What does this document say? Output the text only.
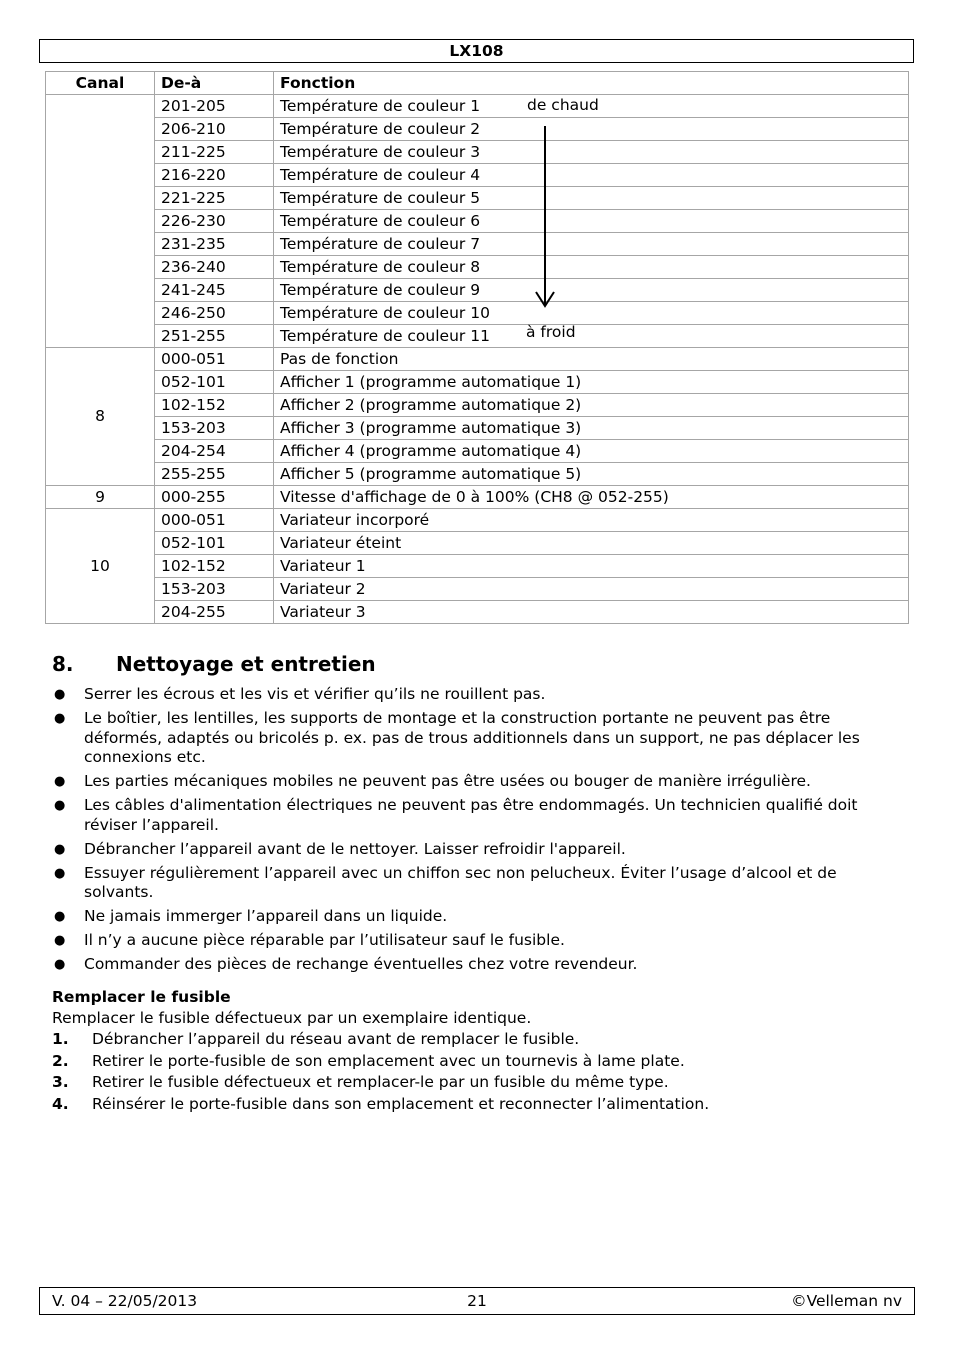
LX108
Canal	De-à	Fonction
	201-205	Température de couleur 1
	206-210	Température de couleur 2
	211-225	Température de couleur 3
	216-220	Température de couleur 4
	221-225	Température de couleur 5
	226-230	Température de couleur 6
	231-235	Température de couleur 7
	236-240	Température de couleur 8
	241-245	Température de couleur 9
	246-250	Température de couleur 10
	251-255	Température de couleur 11
8	000-051	Pas de fonction
	052-101	Afficher 1 (programme automatique 1)
	102-152	Afficher 2 (programme automatique 2)
	153-203	Afficher 3 (programme automatique 3)
	204-254	Afficher 4 (programme automatique 4)
	255-255	Afficher 5 (programme automatique 5)
9	000-255	Vitesse d'affichage de 0 à 100% (CH8 @ 052-255)
10	000-051	Variateur incorporé
	052-101	Variateur éteint
	102-152	Variateur 1
	153-203	Variateur 2
	204-255	Variateur 3
de chaud
à froid
8. Nettoyage et entretien
● Serrer les écrous et les vis et vérifier qu’ils ne rouillent pas.
● Le boîtier, les lentilles, les supports de montage et la construction portante ne peuvent pas être déformés, adaptés ou bricolés p. ex. pas de trous additionnels dans un support, ne pas déplacer les connexions etc.
● Les parties mécaniques mobiles ne peuvent pas être usées ou bouger de manière irrégulière.
● Les câbles d'alimentation électriques ne peuvent pas être endommagés. Un technicien qualifié doit réviser l’appareil.
● Débrancher l’appareil avant de le nettoyer. Laisser refroidir l'appareil.
● Essuyer régulièrement l’appareil avec un chiffon sec non pelucheux. Éviter l’usage d’alcool et de solvants.
● Ne jamais immerger l’appareil dans un liquide.
● Il n’y a aucune pièce réparable par l’utilisateur sauf le fusible.
● Commander des pièces de rechange éventuelles chez votre revendeur.
Remplacer le fusible
Remplacer le fusible défectueux par un exemplaire identique.
1. Débrancher l’appareil du réseau avant de remplacer le fusible.
2. Retirer le porte-fusible de son emplacement avec un tournevis à lame plate.
3. Retirer le fusible défectueux et remplacer-le par un fusible du même type.
4. Réinsérer le porte-fusible dans son emplacement et reconnecter l’alimentation.
V. 04 – 22/05/2013	21	©Velleman nv
